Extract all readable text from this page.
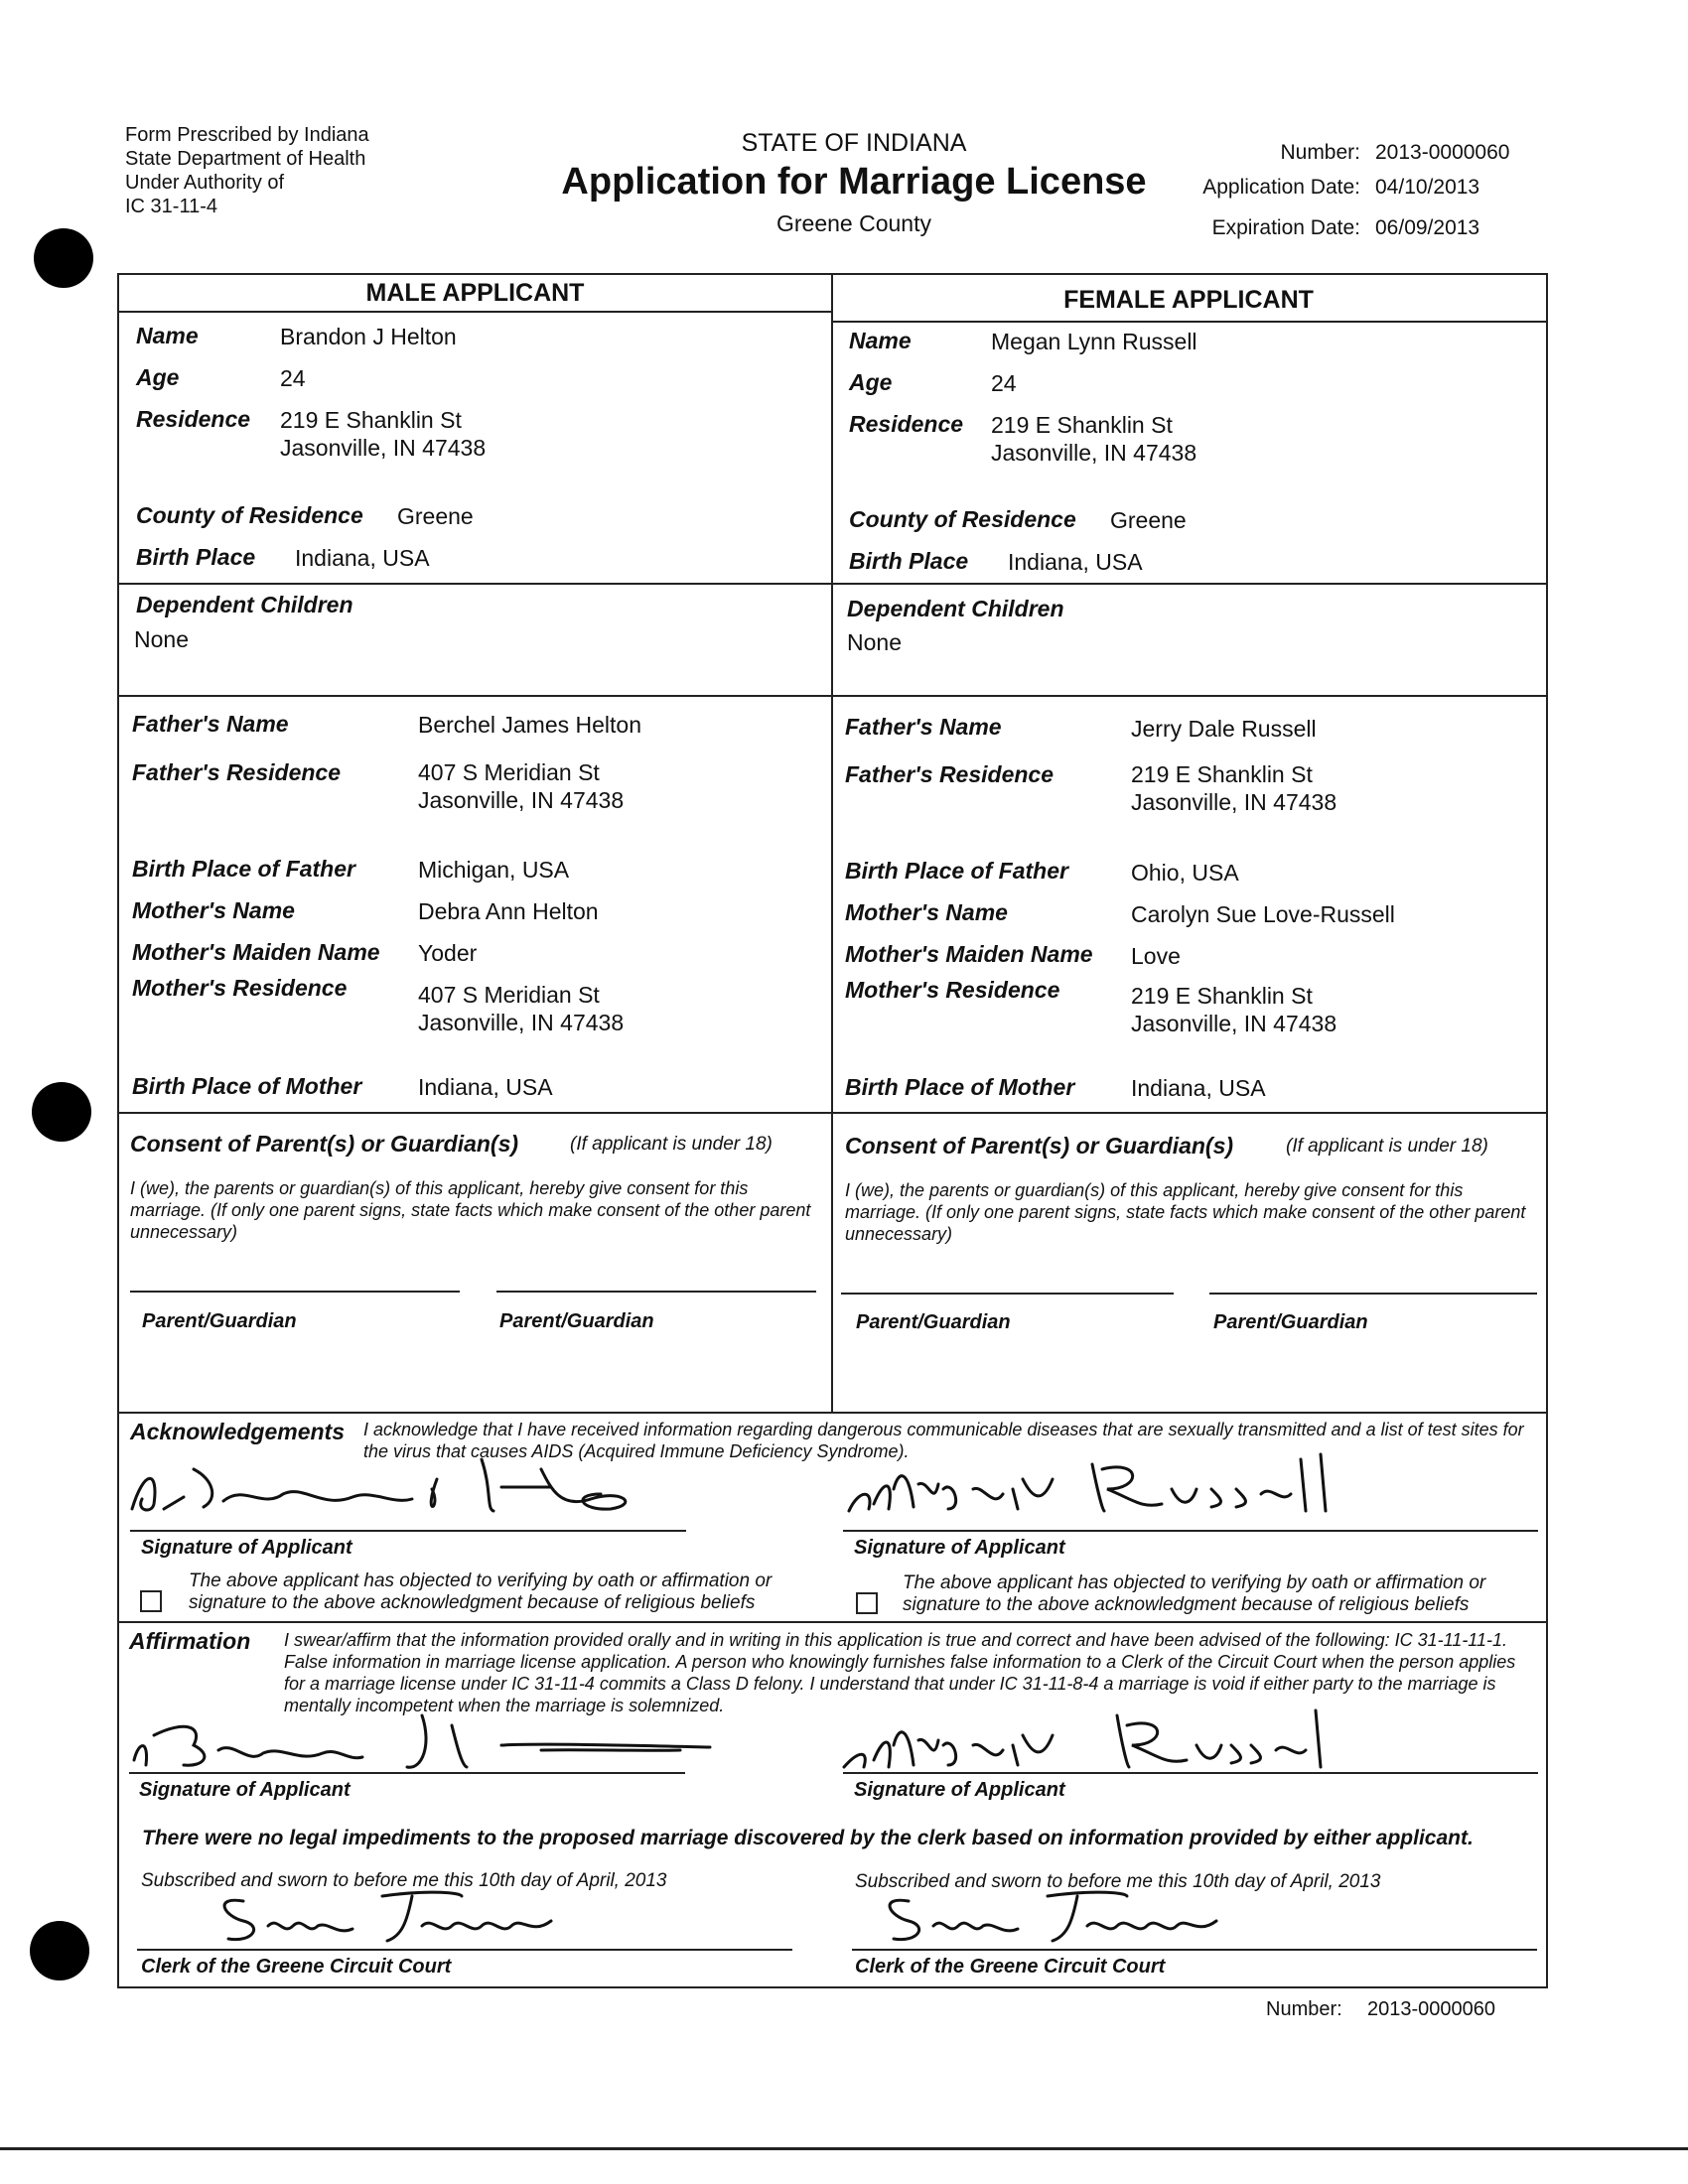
Form Prescribed by Indiana
State Department of Health
Under Authority of
IC 31-11-4
STATE OF INDIANA
Application for Marriage License
Greene County
Number: 2013-0000060
Application Date: 04/10/2013
Expiration Date: 06/09/2013
MALE APPLICANT	FEMALE APPLICANT
Name	Brandon J Helton
Age	24
Residence 219 E Shanklin St
Jasonville, IN 47438
County of Residence Greene
Birth Place Indiana, USA
Dependent Children
None
Father's Name	Berchel James Helton
Father's Residence	407 S Meridian St
Jasonville, IN 47438
Birth Place of Father	Michigan, USA
Mother's Name	Debra Ann Helton
Mother's Maiden Name Yoder
Mother's Residence	407 S Meridian St
Jasonville, IN 47438
Birth Place of Mother Indiana, USA
Name	Megan Lynn Russell
Age	24
Residence 219 E Shanklin St
Jasonville, IN 47438
County of Residence Greene
Birth Place Indiana, USA
Dependent Children
None
Father's Name	Jerry Dale Russell
Father's Residence	219 E Shanklin St
Jasonville, IN 47438
Birth Place of Father	Ohio, USA
Mother's Name	Carolyn Sue Love-Russell
Mother's Maiden Name Love
Mother's Residence	219 E Shanklin St
Jasonville, IN 47438
Birth Place of Mother Indiana, USA
Consent of Parent(s) or Guardian(s)	(If applicant is under 18)
I (we), the parents or guardian(s) of this applicant, hereby give consent for this marriage. (If only one parent signs, state facts which make consent of the other parent unnecessary)
Parent/Guardian	Parent/Guardian
Consent of Parent(s) or Guardian(s)	(If applicant is under 18)
I (we), the parents or guardian(s) of this applicant, hereby give consent for this marriage. (If only one parent signs, state facts which make consent of the other parent unnecessary)
Parent/Guardian	Parent/Guardian
Acknowledgements I acknowledge that I have received information regarding dangerous communicable diseases that are sexually transmitted and a list of test sites for the virus that causes AIDS (Acquired Immune Deficiency Syndrome).
Signature of Applicant
The above applicant has objected to verifying by oath or affirmation or signature to the above acknowledgment because of religious beliefs
Signature of Applicant
The above applicant has objected to verifying by oath or affirmation or signature to the above acknowledgment because of religious beliefs
Affirmation I swear/affirm that the information provided orally and in writing in this application is true and correct and have been advised of the following: IC 31-11-11-1. False information in marriage license application. A person who knowingly furnishes false information to a Clerk of the Circuit Court when the person applies for a marriage license under IC 31-11-4 commits a Class D felony. I understand that under IC 31-11-8-4 a marriage is void if either party to the marriage is mentally incompetent when the marriage is solemnized.
Signature of Applicant	Signature of Applicant
There were no legal impediments to the proposed marriage discovered by the clerk based on information provided by either applicant.
Subscribed and sworn to before me this 10th day of April, 2013
Clerk of the Greene Circuit Court
Subscribed and sworn to before me this 10th day of April, 2013
Clerk of the Greene Circuit Court
Number: 2013-0000060
